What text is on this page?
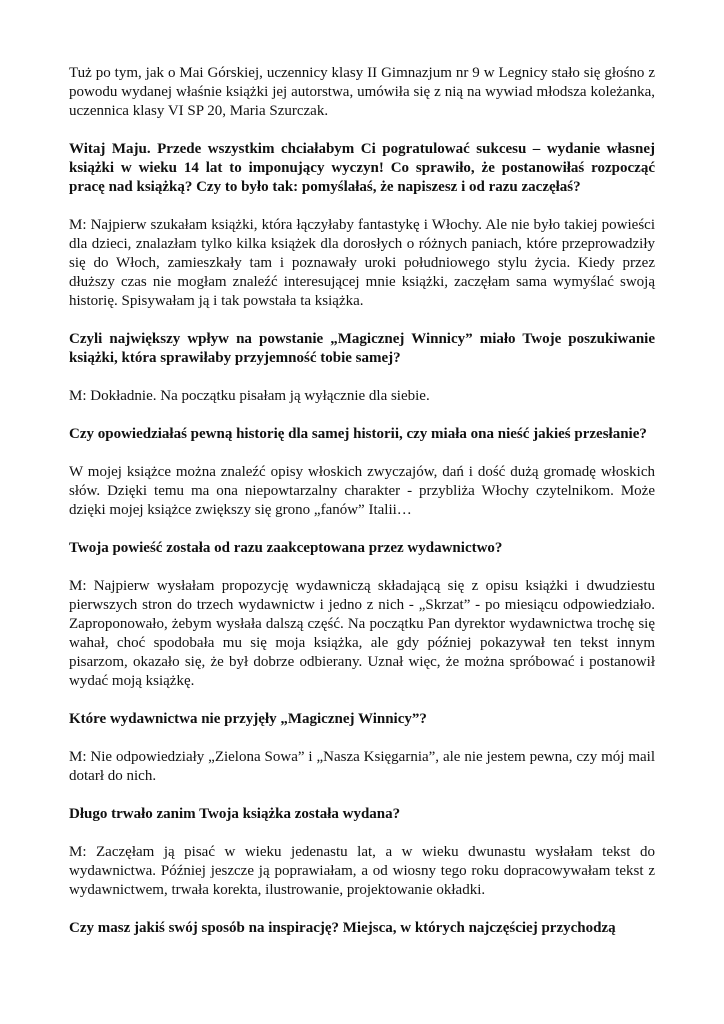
Tuż po tym, jak o Mai Górskiej, uczennicy klasy II Gimnazjum nr 9 w Legnicy stało się głośno z powodu wydanej właśnie książki jej autorstwa, umówiła się z nią na wywiad młodsza koleżanka, uczennica klasy VI SP 20, Maria Szurczak.

Witaj Maju. Przede wszystkim chciałabym Ci pogratulować sukcesu – wydanie własnej książki w wieku 14 lat to imponujący wyczyn! Co sprawiło, że postanowiłaś rozpocząć pracę nad książką? Czy to było tak: pomyślałaś, że napiszesz i od razu zaczęłaś?

M: Najpierw szukałam książki, która łączyłaby fantastykę i Włochy. Ale nie było takiej powieści dla dzieci, znalazłam tylko kilka książek dla dorosłych o różnych paniach, które przeprowadziły się do Włoch, zamieszkały tam i poznawały uroki południowego stylu życia. Kiedy przez dłuższy czas nie mogłam znaleźć interesującej mnie książki, zaczęłam sama wymyślać swoją historię. Spisywałam ją i tak powstała ta książka.

Czyli największy wpływ na powstanie „Magicznej Winnicy” miało Twoje poszukiwanie książki, która sprawiłaby przyjemność tobie samej?

M: Dokładnie. Na początku pisałam ją wyłącznie dla siebie.

Czy opowiedziałaś pewną historię dla samej historii, czy miała ona nieść jakieś przesłanie?

W mojej książce można znaleźć opisy włoskich zwyczajów, dań i dość dużą gromadę włoskich słów. Dzięki temu ma ona niepowtarzalny charakter - przybliża Włochy czytelnikom. Może dzięki mojej książce zwiększy się grono „fanów” Italii…

Twoja powieść została od razu zaakceptowana przez wydawnictwo?

M: Najpierw wysłałam propozycję wydawniczą składającą się z opisu książki i dwudziestu pierwszych stron do trzech wydawnictw i jedno z nich - „Skrzat” - po miesiącu odpowiedziało. Zaproponowało, żebym wysłała dalszą część. Na początku Pan dyrektor wydawnictwa trochę się wahał, choć spodobała mu się moja książka, ale gdy później pokazywał ten tekst innym pisarzom, okazało się, że był dobrze odbierany. Uznał więc, że można spróbować i postanowił wydać moją książkę.

Które wydawnictwa nie przyjęły „Magicznej Winnicy”?

M: Nie odpowiedziały „Zielona Sowa” i „Nasza Księgarnia”, ale nie jestem pewna, czy mój mail dotarł do nich.

Długo trwało zanim Twoja książka została wydana?

M: Zaczęłam ją pisać w wieku jedenastu lat, a w wieku dwunastu wysłałam tekst do wydawnictwa. Później jeszcze ją poprawiałam, a od wiosny tego roku dopracowywałam tekst z wydawnictwem, trwała korekta, ilustrowanie, projektowanie okładki.

Czy masz jakiś swój sposób na inspirację? Miejsca, w których najczęściej przychodzą
